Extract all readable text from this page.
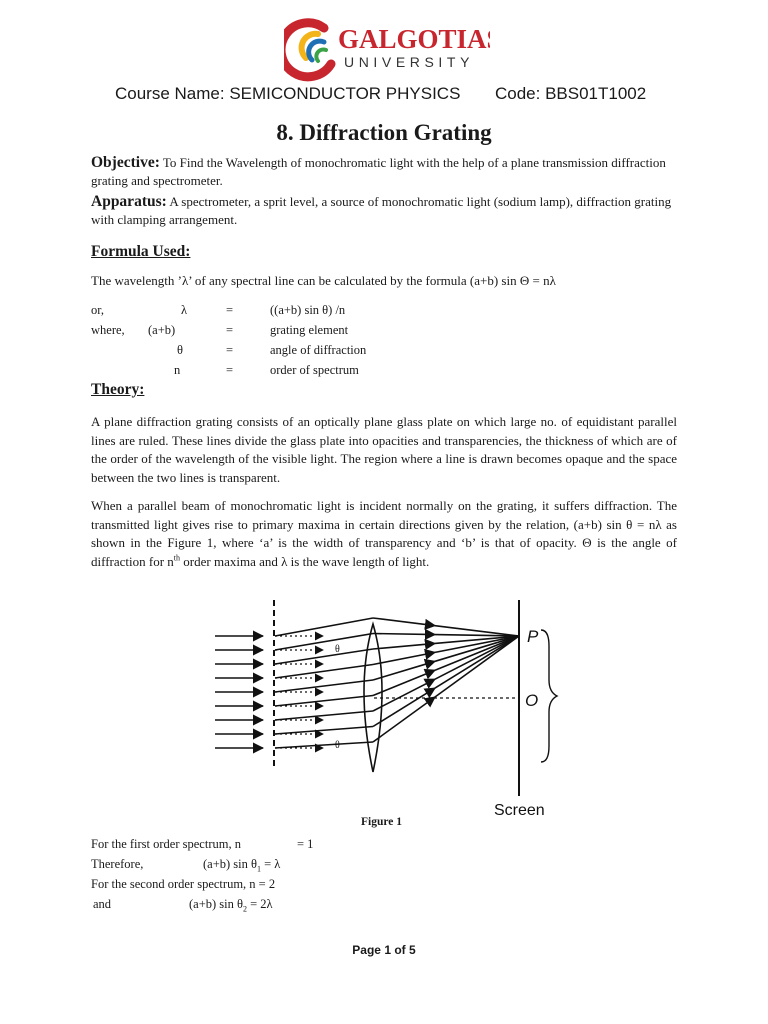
GALGOTIAS
UNIVERSITY
Course Name: SEMICONDUCTOR PHYSICS Code: BBS01T1002
8. Diffraction Grating
Objective: To Find the Wavelength of monochromatic light with the help of a plane transmission diffraction grating and spectrometer.
Apparatus: A spectrometer, a sprit level, a source of monochromatic light (sodium lamp), diffraction grating with clamping arrangement.
Formula Used:
The wavelength ’λ’ of any spectral line can be calculated by the formula (a+b) sin Θ = nλ
or,	λ	=	((a+b) sin θ) /n
where, (a+b)	=	grating element
θ	=	angle of diffraction
n	=	order of spectrum
Theory:
A plane diffraction grating consists of an optically plane glass plate on which large no. of equidistant parallel lines are ruled. These lines divide the glass plate into opacities and transparencies, the thickness of which are of the order of the wavelength of the visible light. The region where a line is drawn becomes opaque and the space between the two lines is transparent.
When a parallel beam of monochromatic light is incident normally on the grating, it suffers diffraction. The transmitted light gives rise to primary maxima in certain directions given by the relation, (a+b) sin θ = nλ as shown in the Figure 1, where ‘a’ is the width of transparency and ‘b’ is that of opacity. Θ is the angle of diffraction for $n^{th}$ order maxima and λ is the wave length of light.
P
O
θ
θ
Screen
Figure 1
For the first order spectrum, n	= 1
Therefore,	(a+b) $\sin \theta_1 = \lambda$
For the second order spectrum, n = 2
and	(a+b) $\sin \theta_2 = 2\lambda$
Page 1 of 5
